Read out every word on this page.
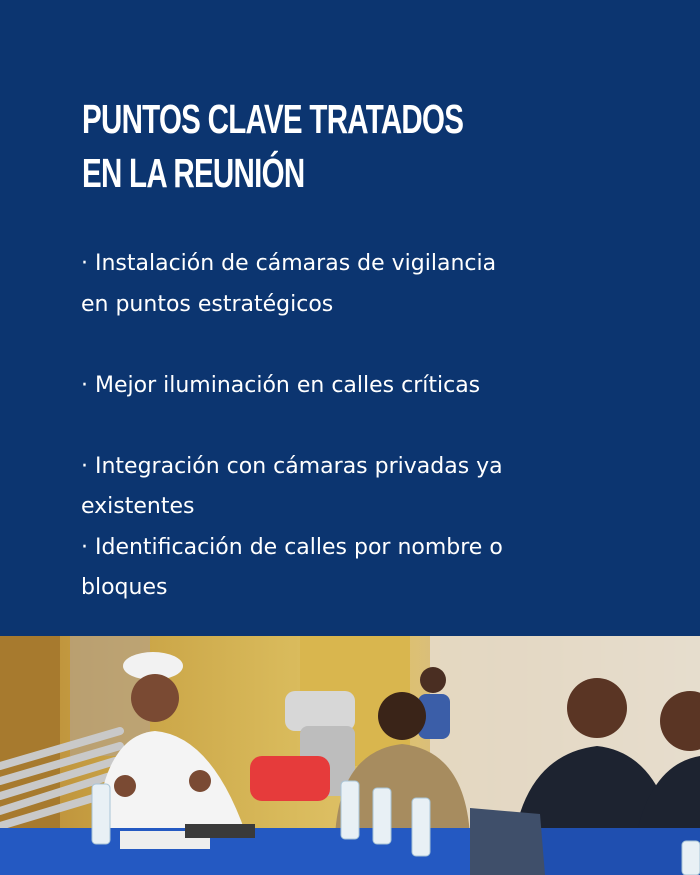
PUNTOS CLAVE TRATADOS
EN LA REUNIÓN
· Instalación de cámaras de vigilancia
en puntos estratégicos
· Mejor iluminación en calles críticas
· Integración con cámaras privadas ya
existentes
· Identificación de calles por nombre o
bloques
